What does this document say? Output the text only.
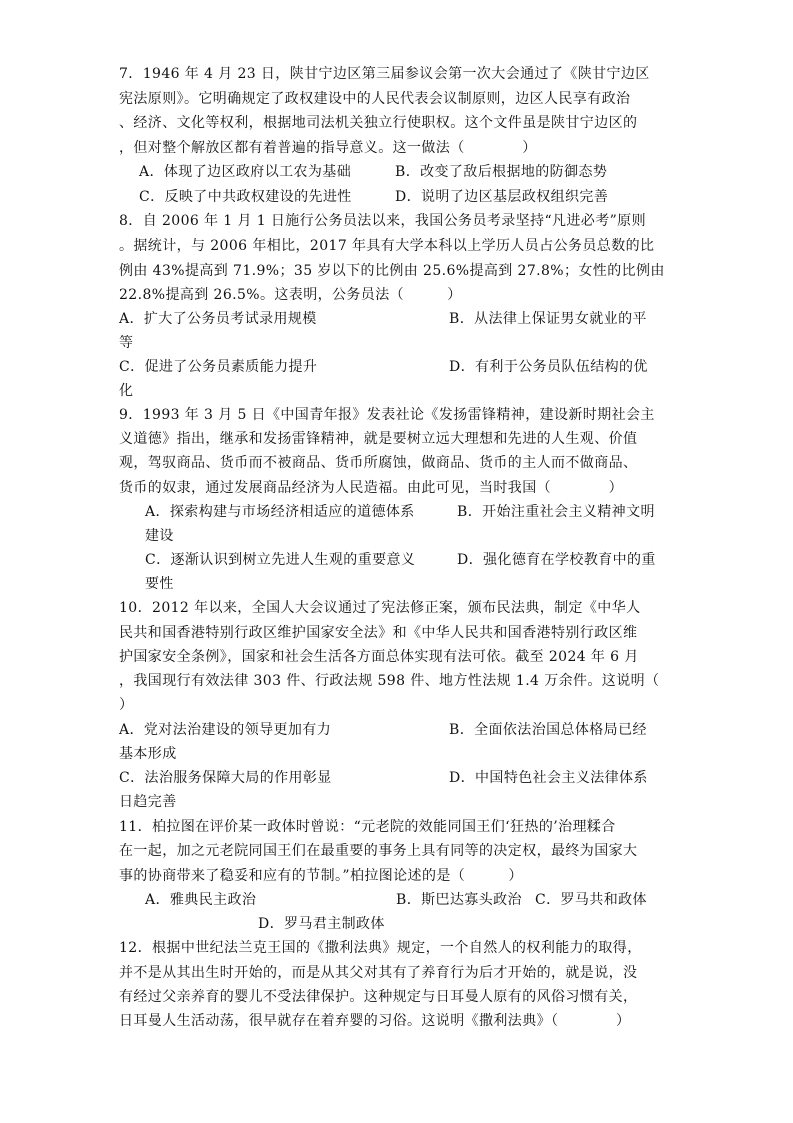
7．1946 年 4 月 23 日，陕甘宁边区第三届参议会第一次大会通过了《陕甘宁边区
宪法原则》。它明确规定了政权建设中的人民代表会议制原则，边区人民享有政治
、经济、文化等权利，根据地司法机关独立行使职权。这个文件虽是陕甘宁边区的
，但对整个解放区都有着普遍的指导意义。这一做法（　　　　）
A．体现了边区政府以工农为基础	B．改变了敌后根据地的防御态势
C．反映了中共政权建设的先进性	D．说明了边区基层政权组织完善
8．自 2006 年 1 月 1 日施行公务员法以来，我国公务员考录坚持“凡进必考”原则
。据统计，与 2006 年相比，2017 年具有大学本科以上学历人员占公务员总数的比
例由 43%提高到 71.9%；35 岁以下的比例由 25.6%提高到 27.8%；女性的比例由
22.8%提高到 26.5%。这表明，公务员法（　　　）
A．扩大了公务员考试录用规模	B．从法律上保证男女就业的平
等
C．促进了公务员素质能力提升	D．有利于公务员队伍结构的优
化
9．1993 年 3 月 5 日《中国青年报》发表社论《发扬雷锋精神，建设新时期社会主
义道德》指出，继承和发扬雷锋精神，就是要树立远大理想和先进的人生观、价值
观，驾驭商品、货币而不被商品、货币所腐蚀，做商品、货币的主人而不做商品、
货币的奴隶，通过发展商品经济为人民造福。由此可见，当时我国（　　　　）
A．探索构建与市场经济相适应的道德体系	B．开始注重社会主义精神文明
建设
C．逐渐认识到树立先进人生观的重要意义	D．强化德育在学校教育中的重
要性
10．2012 年以来，全国人大会议通过了宪法修正案，颁布民法典，制定《中华人
民共和国香港特别行政区维护国家安全法》和《中华人民共和国香港特别行政区维
护国家安全条例》，国家和社会生活各方面总体实现有法可依。截至 2024 年 6 月
，我国现行有效法律 303 件、行政法规 598 件、地方性法规 1.4 万余件。这说明（
）
A．党对法治建设的领导更加有力	B．全面依法治国总体格局已经
基本形成
C．法治服务保障大局的作用彰显	D．中国特色社会主义法律体系
日趋完善
11．柏拉图在评价某一政体时曾说：“元老院的效能同国王们‘狂热的’治理糅合
在一起，加之元老院同国王们在最重要的事务上具有同等的决定权，最终为国家大
事的协商带来了稳妥和应有的节制。”柏拉图论述的是（　　　）
A．雅典民主政治	B．斯巴达寡头政治 C．罗马共和政体
D．罗马君主制政体
12．根据中世纪法兰克王国的《撒利法典》规定，一个自然人的权利能力的取得，
并不是从其出生时开始的，而是从其父对其有了养育行为后才开始的，就是说，没
有经过父亲养育的婴儿不受法律保护。这种规定与日耳曼人原有的风俗习惯有关，
日耳曼人生活动荡，很早就存在着弃婴的习俗。这说明《撒利法典》（　　　　）
